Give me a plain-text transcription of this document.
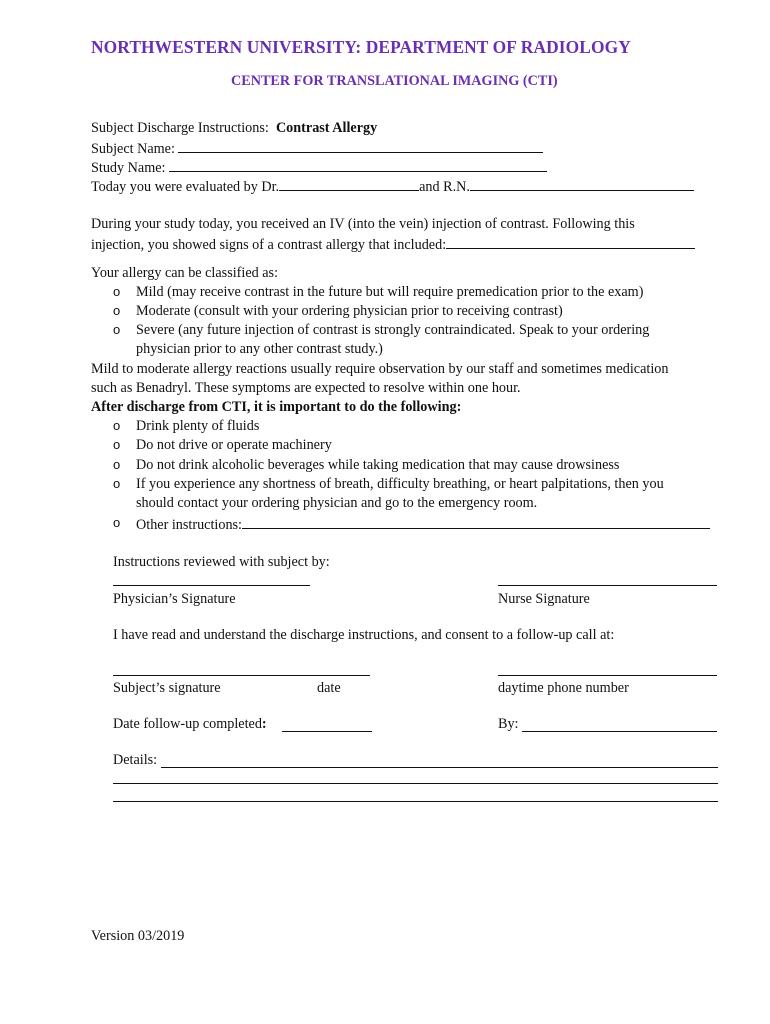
NORTHWESTERN UNIVERSITY: DEPARTMENT OF RADIOLOGY
CENTER FOR TRANSLATIONAL IMAGING (CTI)
Subject Discharge Instructions: Contrast Allergy
Subject Name:
Study Name:
Today you were evaluated by Dr.	and R.N.
During your study today, you received an IV (into the vein) injection of contrast. Following this
injection, you showed signs of a contrast allergy that included:
Your allergy can be classified as:
o Mild (may receive contrast in the future but will require premedication prior to the exam)
o Moderate (consult with your ordering physician prior to receiving contrast)
o Severe (any future injection of contrast is strongly contraindicated. Speak to your ordering
physician prior to any other contrast study.)
Mild to moderate allergy reactions usually require observation by our staff and sometimes medication
such as Benadryl. These symptoms are expected to resolve within one hour.
After discharge from CTI, it is important to do the following:
o Drink plenty of fluids
o Do not drive or operate machinery
o Do not drink alcoholic beverages while taking medication that may cause drowsiness
o If you experience any shortness of breath, difficulty breathing, or heart palpitations, then you
should contact your ordering physician and go to the emergency room.
o Other instructions:
Instructions reviewed with subject by:
Physician’s Signature	Nurse Signature
I have read and understand the discharge instructions, and consent to a follow-up call at:
Subject’s signature	date	daytime phone number
Date follow-up completed:	By:
Details:
Version 03/2019
